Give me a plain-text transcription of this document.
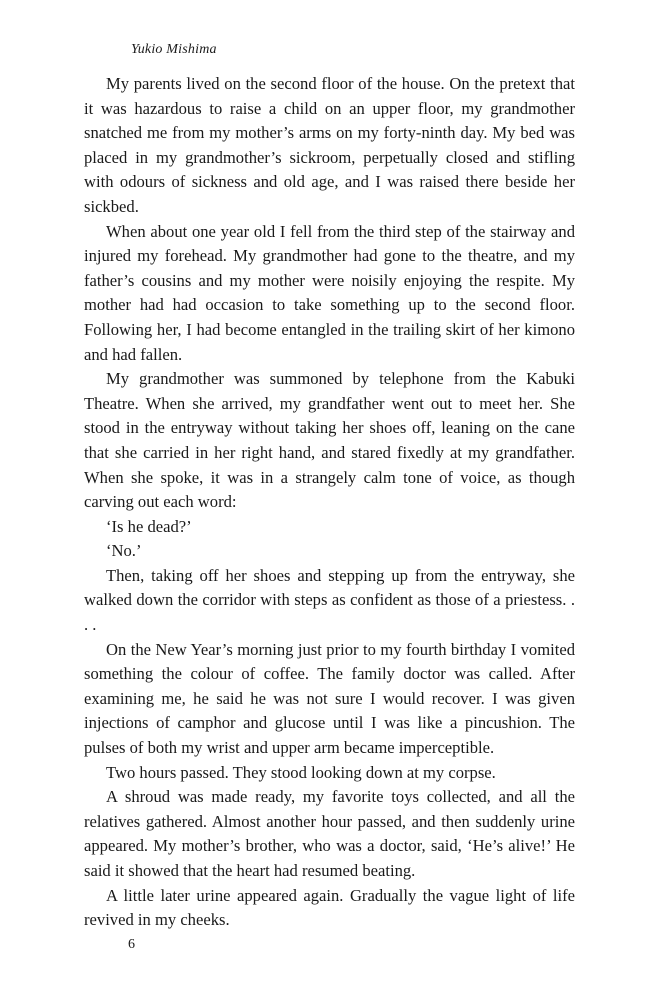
Yukio Mishima

My parents lived on the second floor of the house. On the pretext that it was hazardous to raise a child on an upper floor, my grandmother snatched me from my mother’s arms on my forty-ninth day. My bed was placed in my grandmother’s sickroom, perpetually closed and stifling with odours of sickness and old age, and I was raised there beside her sickbed.

When about one year old I fell from the third step of the stairway and injured my forehead. My grandmother had gone to the theatre, and my father’s cousins and my mother were noisily enjoying the respite. My mother had had occasion to take something up to the second floor. Following her, I had become entangled in the trailing skirt of her kimono and had fallen.

My grandmother was summoned by telephone from the Kabuki Theatre. When she arrived, my grandfather went out to meet her. She stood in the entryway without taking her shoes off, leaning on the cane that she carried in her right hand, and stared fixedly at my grandfather. When she spoke, it was in a strangely calm tone of voice, as though carving out each word:

‘Is he dead?’

‘No.’

Then, taking off her shoes and stepping up from the entryway, she walked down the corridor with steps as confident as those of a priestess. . . .

On the New Year’s morning just prior to my fourth birthday I vomited something the colour of coffee. The family doctor was called. After examining me, he said he was not sure I would recover. I was given injections of camphor and glucose until I was like a pincushion. The pulses of both my wrist and upper arm became imperceptible.

Two hours passed. They stood looking down at my corpse.

A shroud was made ready, my favorite toys collected, and all the relatives gathered. Almost another hour passed, and then suddenly urine appeared. My mother’s brother, who was a doctor, said, ‘He’s alive!’ He said it showed that the heart had resumed beating.

A little later urine appeared again. Gradually the vague light of life revived in my cheeks.

6
